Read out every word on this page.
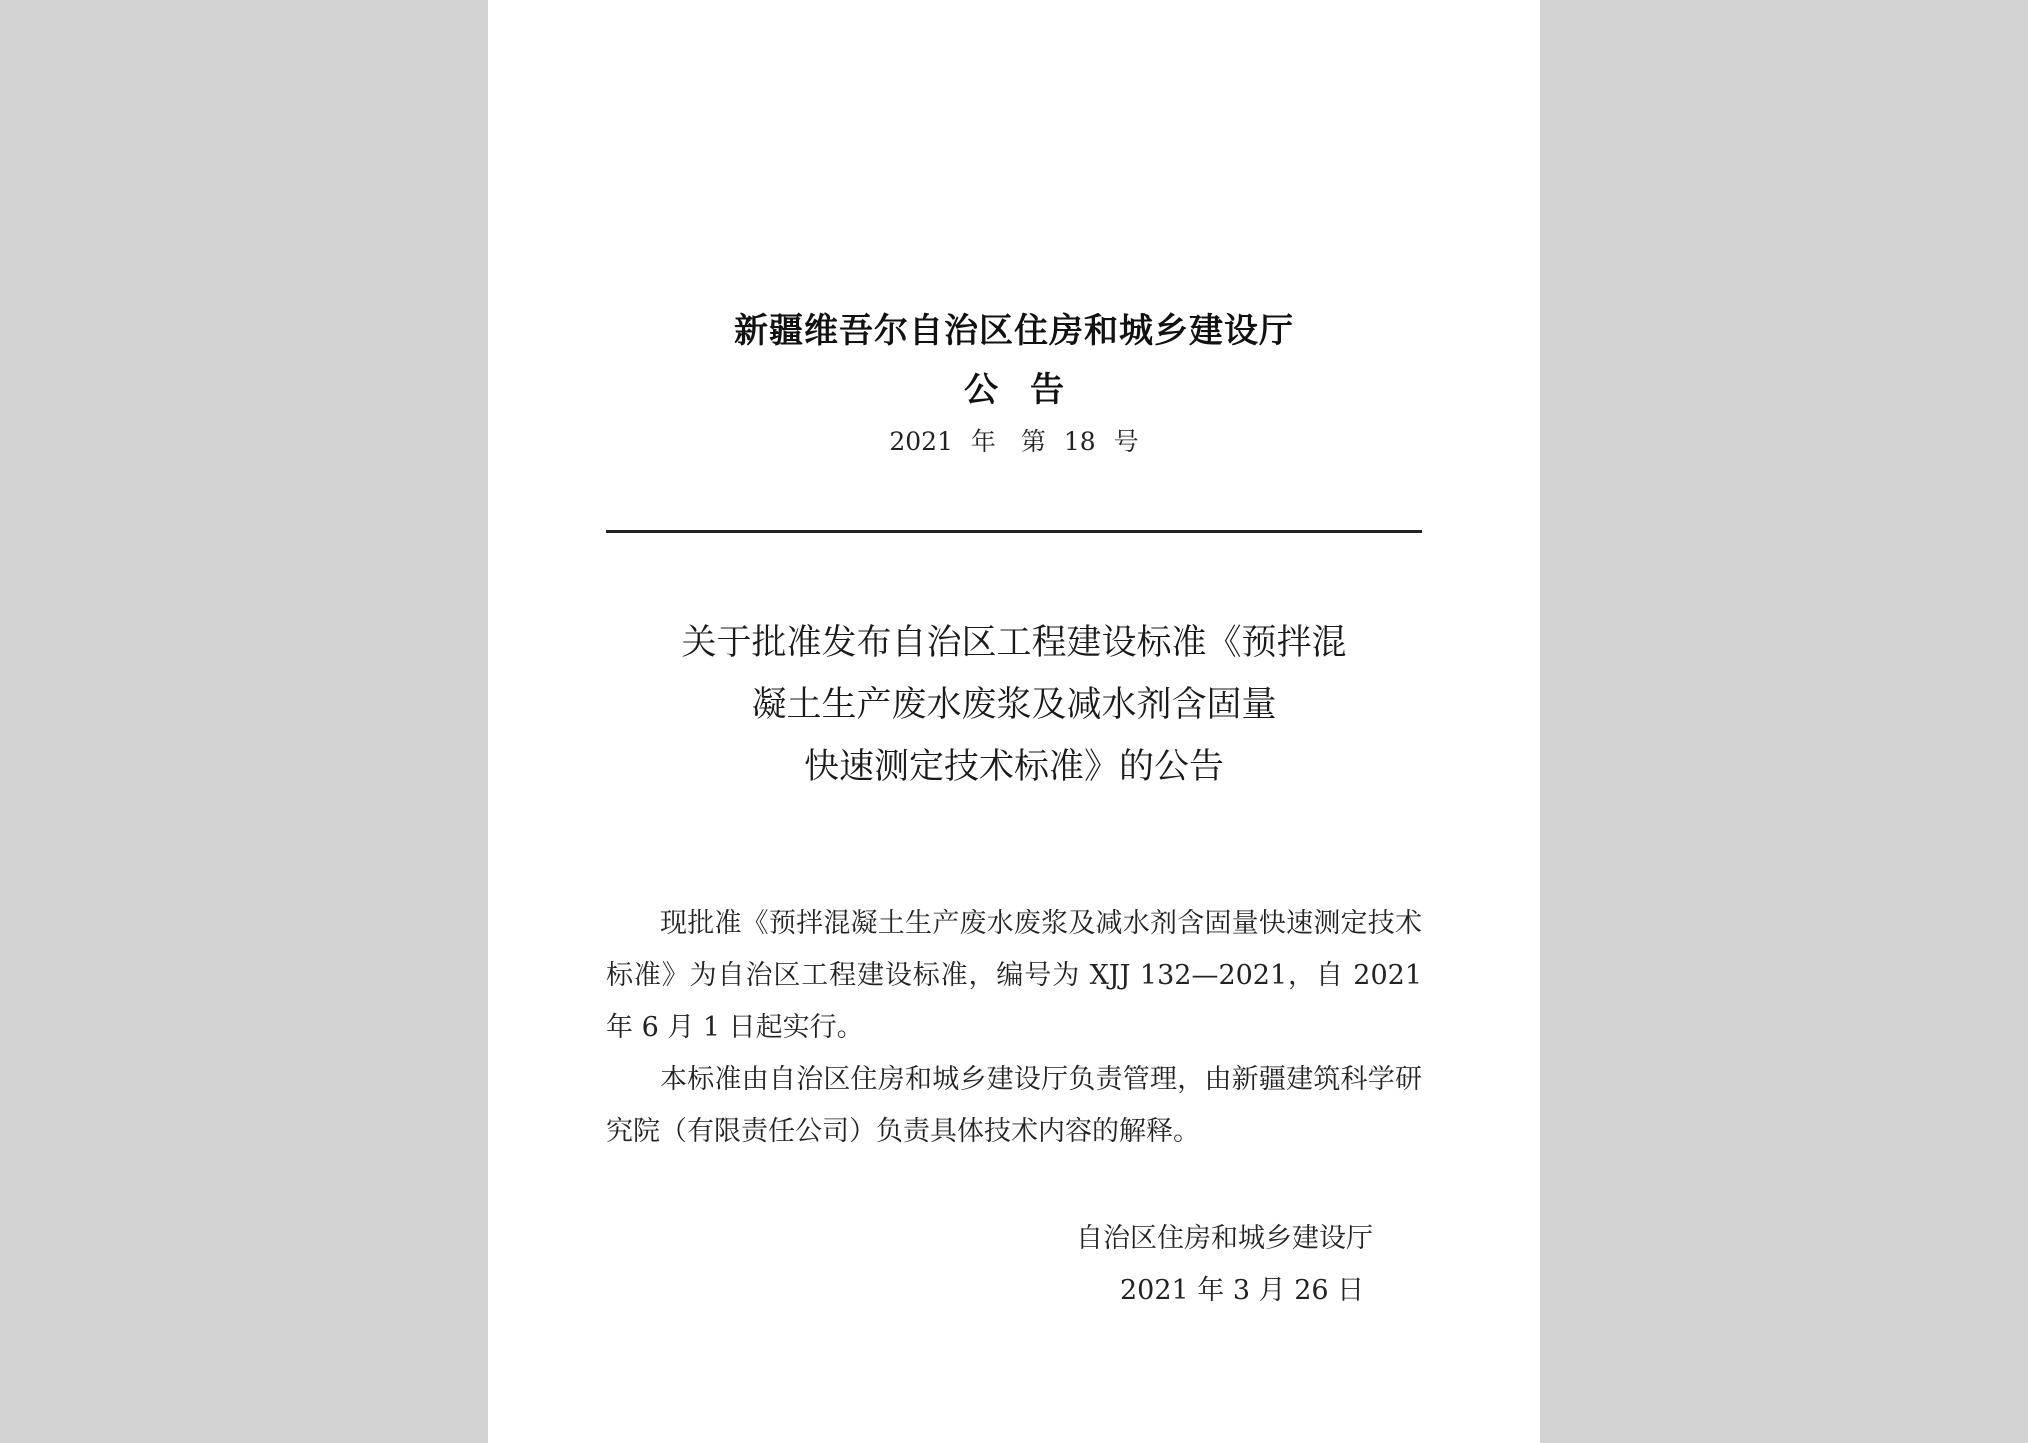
新疆维吾尔自治区住房和城乡建设厅
公告
2021 年　第 18 号
关于批准发布自治区工程建设标准《预拌混
凝土生产废水废浆及减水剂含固量
快速测定技术标准》的公告

现批准《预拌混凝土生产废水废浆及减水剂含固量快速测定技术标准》为自治区工程建设标准，编号为 XJJ 132—2021，自 2021 年 6 月 1 日起实行。

本标准由自治区住房和城乡建设厅负责管理，由新疆建筑科学研究院（有限责任公司）负责具体技术内容的解释。

自治区住房和城乡建设厅
2021 年 3 月 26 日
